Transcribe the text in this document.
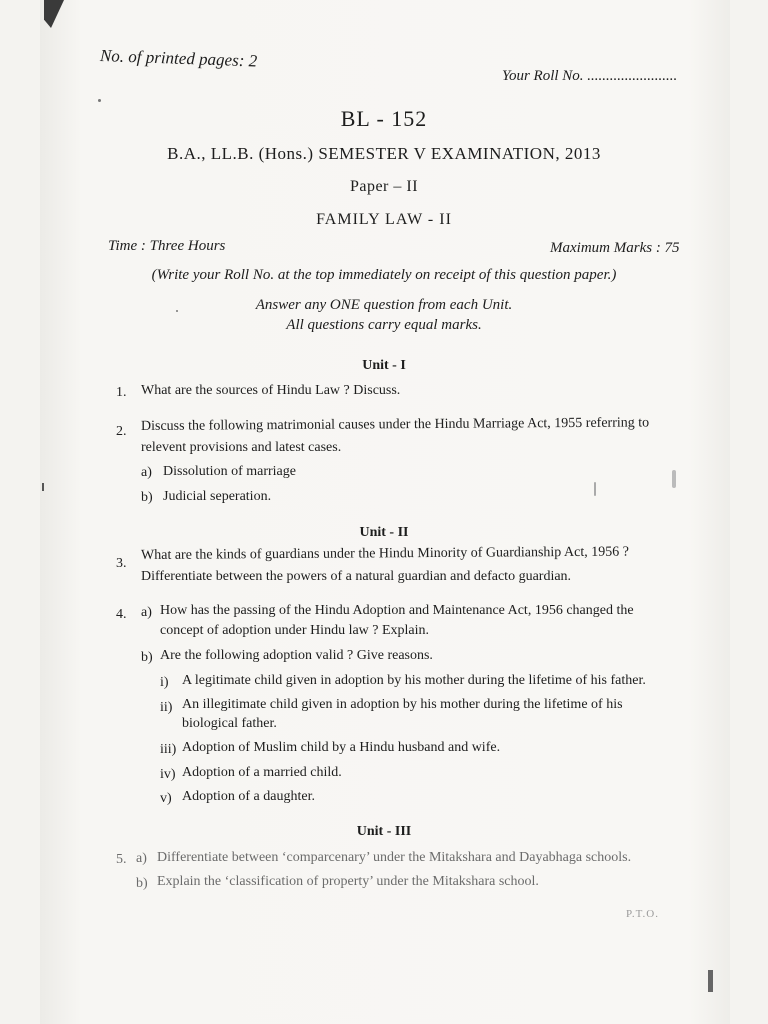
No. of printed pages: 2
Your Roll No. ........................
BL - 152
B.A., LL.B. (Hons.) SEMESTER V EXAMINATION, 2013
Paper – II
FAMILY LAW - II
Time : Three Hours	Maximum Marks : 75
(Write your Roll No. at the top immediately on receipt of this question paper.)
Answer any ONE question from each Unit.
All questions carry equal marks.
Unit - I
1. What are the sources of Hindu Law ? Discuss.
2. Discuss the following matrimonial causes under the Hindu Marriage Act, 1955 referring to
relevent provisions and latest cases.
a) Dissolution of marriage
b) Judicial seperation.
Unit - II
3.
What are the kinds of guardians under the Hindu Minority of Guardianship Act, 1956 ?
Differentiate between the powers of a natural guardian and defacto guardian.
4. a) How has the passing of the Hindu Adoption and Maintenance Act, 1956 changed the
concept of adoption under Hindu law ? Explain.
b) Are the following adoption valid ? Give reasons.
i) A legitimate child given in adoption by his mother during the lifetime of his father.
ii) An illegitimate child given in adoption by his mother during the lifetime of his
biological father.
iii) Adoption of Muslim child by a Hindu husband and wife.
iv) Adoption of a married child.
v) Adoption of a daughter.
Unit - III
5. a) Differentiate between ‘comparcenary’ under the Mitakshara and Dayabhaga schools.
b) Explain the ‘classification of property’ under the Mitakshara school.
P.T.O.
